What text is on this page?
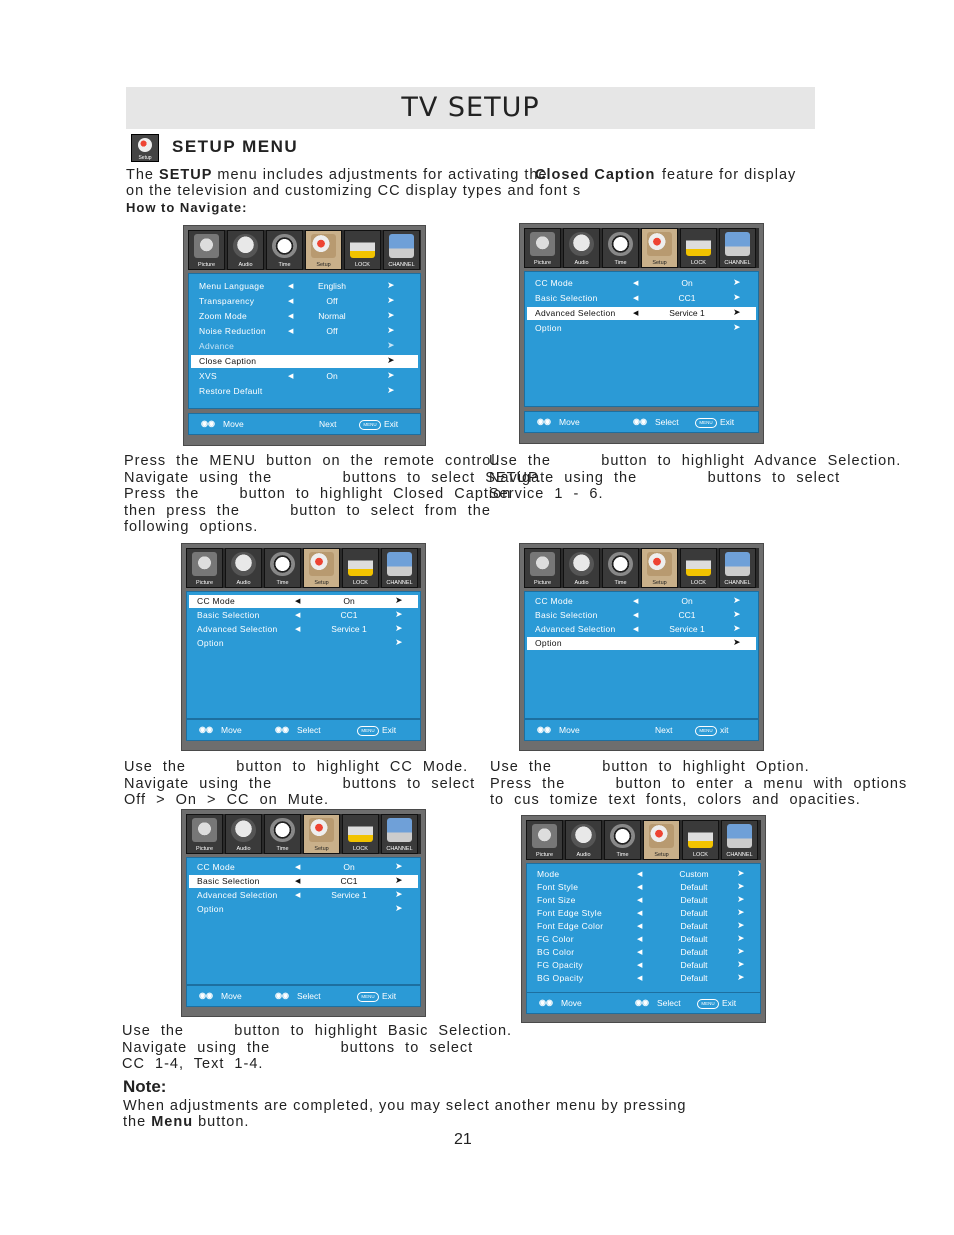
TV SETUP
Setup
SETUP MENU
The SETUP menu includes adjustments for activating the
Closed Caption feature for display
on the television and customizing CC display types and font s
How to Navigate:
Picture	Audio	Time	Setup	LOCK	CHANNEL
Menu Language	◀	English	➤
Transparency	◀	Off	➤
Zoom Mode	◀	Normal	➤
Noise Reduction	◀	Off	➤
Advance	➤
Close Caption	➤
XVS	◀	On	➤
Restore Default	➤
◉◉ Move	Next	MENU Exit
Picture	Audio	Time	Setup	LOCK	CHANNEL
CC Mode	◀	On	➤
Basic Selection	◀	CC1	➤
Advanced Selection ◀	Service 1	➤
Option	➤
◉◉ Move	◉◉ Select	MENU Exit
Picture	Audio	Time	Setup	LOCK	CHANNEL
CC Mode	◀	On	➤
Basic Selection	◀	CC1	➤
Advanced Selection ◀	Service 1	➤
Option	➤
◉◉ Move	◉◉ Select	MENU Exit
Picture	Audio	Time	Setup	LOCK	CHANNEL
CC Mode	◀	On	➤
Basic Selection	◀	CC1	➤
Advanced Selection ◀	Service 1	➤
Option	➤
◉◉ Move	Next	MENU xit
Picture	Audio	Time	Setup	LOCK	CHANNEL
CC Mode	◀	On	➤
Basic Selection	◀	CC1	➤
Advanced Selection ◀	Service 1	➤
Option	➤
◉◉ Move	◉◉ Select	MENU Exit
Picture	Audio	Time	Setup	LOCK	CHANNEL
Mode	◀	Custom	➤
Font Style	◀	Default	➤
Font Size	◀	Default	➤
Font Edge Style	◀	Default	➤
Font Edge Color	◀	Default	➤
FG Color	◀	Default	➤
BG Color	◀	Default	➤
FG Opacity	◀	Default	➤
BG Opacity	◀	Default	➤
◉◉ Move	◉◉ Select	MENU Exit
Press  the  MENU  button  on  the  remote  control.
Navigate  using  the              buttons  to  select  SETUP.
Press  the        button  to  highlight  Closed  Caption
then  press  the          button  to  select  from  the
following  options.
Use  the          button  to  highlight  Advance  Selection.
Navigate  using  the              buttons  to  select
Service  1  -  6.
Use  the          button  to  highlight  CC  Mode.
Navigate  using  the              buttons  to  select
Off  >  On  >  CC  on  Mute.
Use  the          button  to  highlight  Option.
Press  the          button  to  enter  a  menu  with  options
to  cus  tomize  text  fonts,  colors  and  opacities.
Use  the          button  to  highlight  Basic  Selection.
Navigate  using  the              buttons  to  select
CC  1-4,  Text  1-4.
Note:
When adjustments are completed, you may select another menu by pressing
the Menu button.
21
